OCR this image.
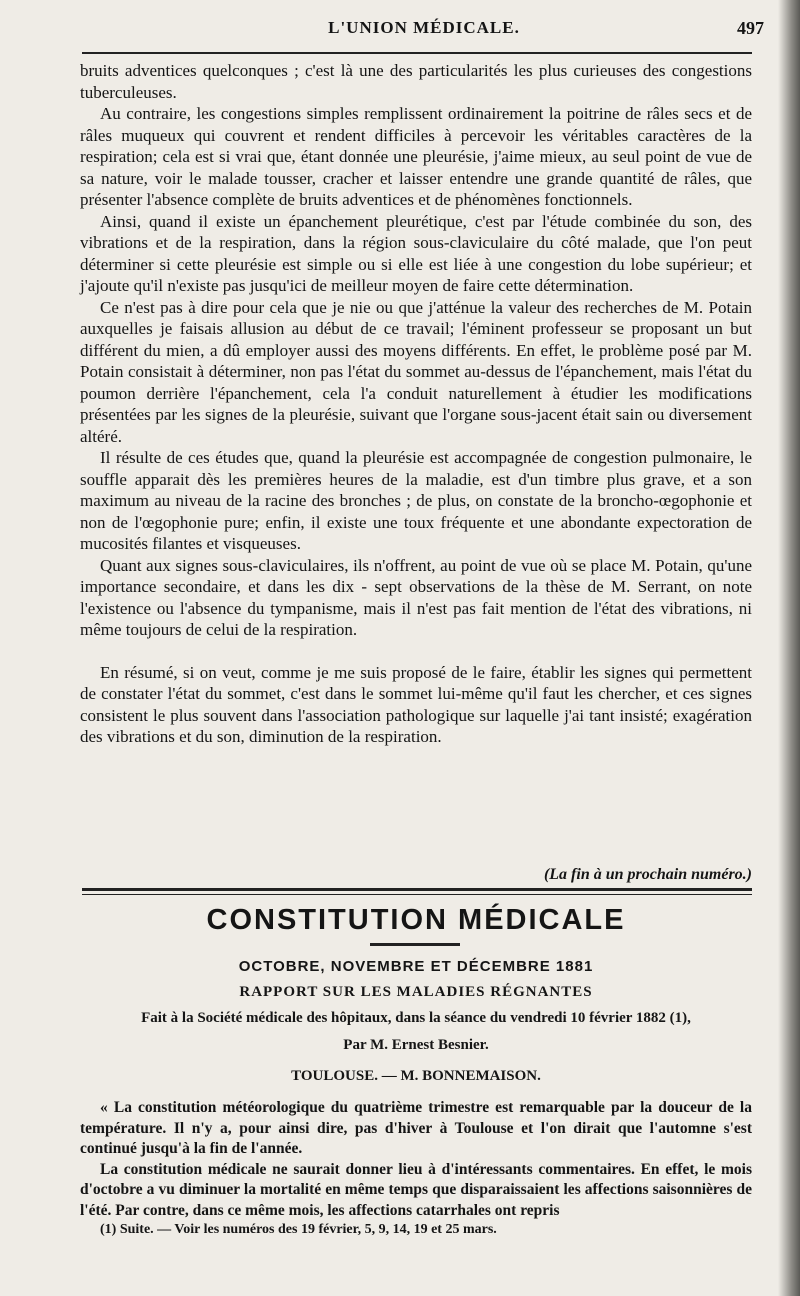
L'UNION MÉDICALE.	497

bruits adventices quelconques ; c'est là une des particularités les plus curieuses des congestions tuberculeuses.

Au contraire, les congestions simples remplissent ordinairement la poitrine de râles secs et de râles muqueux qui couvrent et rendent difficiles à percevoir les véritables caractères de la respiration; cela est si vrai que, étant donnée une pleurésie, j'aime mieux, au seul point de vue de sa nature, voir le malade tousser, cracher et laisser entendre une grande quantité de râles, que présenter l'absence complète de bruits adventices et de phénomènes fonctionnels.

Ainsi, quand il existe un épanchement pleurétique, c'est par l'étude combinée du son, des vibrations et de la respiration, dans la région sous-claviculaire du côté malade, que l'on peut déterminer si cette pleurésie est simple ou si elle est liée à une congestion du lobe supérieur; et j'ajoute qu'il n'existe pas jusqu'ici de meilleur moyen de faire cette détermination.

Ce n'est pas à dire pour cela que je nie ou que j'atténue la valeur des recherches de M. Potain auxquelles je faisais allusion au début de ce travail; l'éminent professeur se proposant un but différent du mien, a dû employer aussi des moyens différents. En effet, le problème posé par M. Potain consistait à déterminer, non pas l'état du sommet au-dessus de l'épanchement, mais l'état du poumon derrière l'épanchement, cela l'a conduit naturellement à étudier les modifications présentées par les signes de la pleurésie, suivant que l'organe sous-jacent était sain ou diversement altéré.

Il résulte de ces études que, quand la pleurésie est accompagnée de congestion pulmonaire, le souffle apparait dès les premières heures de la maladie, est d'un timbre plus grave, et a son maximum au niveau de la racine des bronches ; de plus, on constate de la broncho-œgophonie et non de l'œgophonie pure; enfin, il existe une toux fréquente et une abondante expectoration de mucosités filantes et visqueuses.

Quant aux signes sous-claviculaires, ils n'offrent, au point de vue où se place M. Potain, qu'une importance secondaire, et dans les dix - sept observations de la thèse de M. Serrant, on note l'existence ou l'absence du tympanisme, mais il n'est pas fait mention de l'état des vibrations, ni même toujours de celui de la respiration.

En résumé, si on veut, comme je me suis proposé de le faire, établir les signes qui permettent de constater l'état du sommet, c'est dans le sommet lui-même qu'il faut les chercher, et ces signes consistent le plus souvent dans l'association pathologique sur laquelle j'ai tant insisté; exagération des vibrations et du son, diminution de la respiration.

(La fin à un prochain numéro.)
CONSTITUTION MÉDICALE
OCTOBRE, NOVEMBRE ET DÉCEMBRE 1881
RAPPORT SUR LES MALADIES RÉGNANTES
Fait à la Société médicale des hôpitaux, dans la séance du vendredi 10 février 1882 (1),
Par M. Ernest Besnier.
TOULOUSE. — M. BONNEMAISON.

« La constitution météorologique du quatrième trimestre est remarquable par la douceur de la température. Il n'y a, pour ainsi dire, pas d'hiver à Toulouse et l'on dirait que l'automne s'est continué jusqu'à la fin de l'année.

La constitution médicale ne saurait donner lieu à d'intéressants commentaires. En effet, le mois d'octobre a vu diminuer la mortalité en même temps que disparaissaient les affections saisonnières de l'été. Par contre, dans ce même mois, les affections catarrhales ont repris

(1) Suite. — Voir les numéros des 19 février, 5, 9, 14, 19 et 25 mars.
